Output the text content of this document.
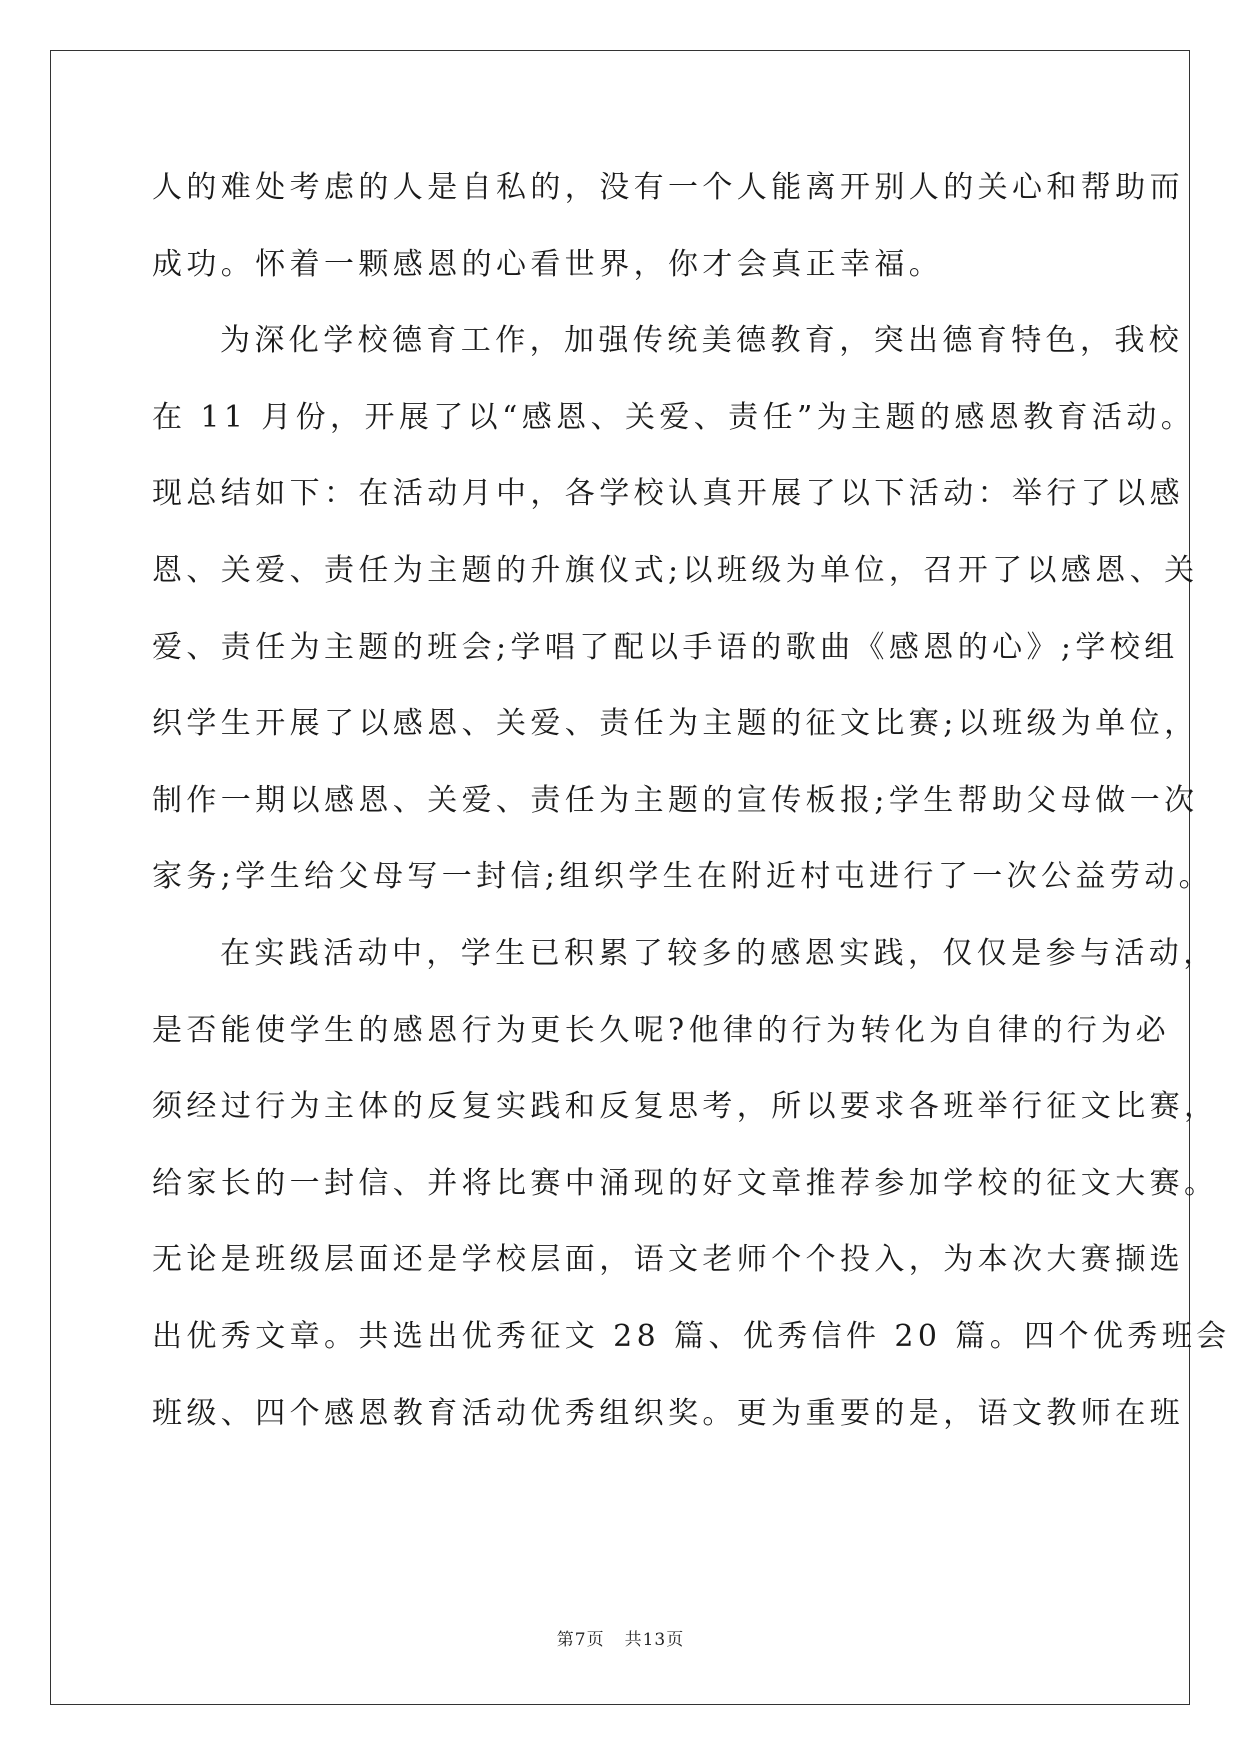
人的难处考虑的人是自私的，没有一个人能离开别人的关心和帮助而
成功。怀着一颗感恩的心看世界，你才会真正幸福。
为深化学校德育工作，加强传统美德教育，突出德育特色，我校
在 11 月份，开展了以“感恩、关爱、责任”为主题的感恩教育活动。
现总结如下：在活动月中，各学校认真开展了以下活动：举行了以感
恩、关爱、责任为主题的升旗仪式;以班级为单位，召开了以感恩、关
爱、责任为主题的班会;学唱了配以手语的歌曲《感恩的心》;学校组
织学生开展了以感恩、关爱、责任为主题的征文比赛;以班级为单位，
制作一期以感恩、关爱、责任为主题的宣传板报;学生帮助父母做一次
家务;学生给父母写一封信;组织学生在附近村屯进行了一次公益劳动。
在实践活动中，学生已积累了较多的感恩实践，仅仅是参与活动，
是否能使学生的感恩行为更长久呢?他律的行为转化为自律的行为必
须经过行为主体的反复实践和反复思考，所以要求各班举行征文比赛，
给家长的一封信、并将比赛中涌现的好文章推荐参加学校的征文大赛。
无论是班级层面还是学校层面，语文老师个个投入，为本次大赛撷选
出优秀文章。共选出优秀征文 28 篇、优秀信件 20 篇。四个优秀班会
班级、四个感恩教育活动优秀组织奖。更为重要的是，语文教师在班
第7页 共13页
